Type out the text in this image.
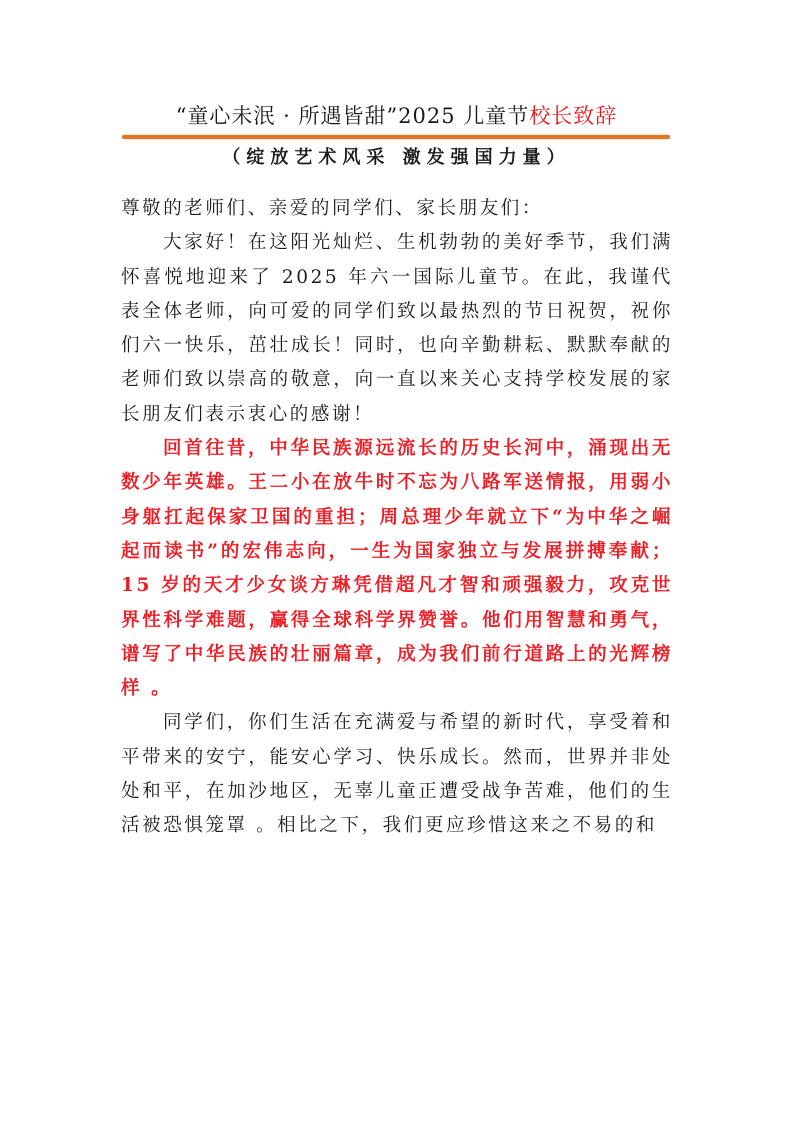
“童心未泯 · 所遇皆甜”2025 儿童节校长致辞
（绽放艺术风采 激发强国力量）

尊敬的老师们、亲爱的同学们、家长朋友们：

大家好！在这阳光灿烂、生机勃勃的美好季节，我们满怀喜悦地迎来了 2025 年六一国际儿童节。在此，我谨代表全体老师，向可爱的同学们致以最热烈的节日祝贺，祝你们六一快乐，茁壮成长！同时，也向辛勤耕耘、默默奉献的老师们致以崇高的敬意，向一直以来关心支持学校发展的家长朋友们表示衷心的感谢！

回首往昔，中华民族源远流长的历史长河中，涌现出无数少年英雄。王二小在放牛时不忘为八路军送情报，用弱小身躯扛起保家卫国的重担；周总理少年就立下“为中华之崛起而读书”的宏伟志向，一生为国家独立与发展拼搏奉献；15 岁的天才少女谈方琳凭借超凡才智和顽强毅力，攻克世界性科学难题，赢得全球科学界赞誉。他们用智慧和勇气，谱写了中华民族的壮丽篇章，成为我们前行道路上的光辉榜样 。

同学们，你们生活在充满爱与希望的新时代，享受着和平带来的安宁，能安心学习、快乐成长。然而，世界并非处处和平，在加沙地区，无辜儿童正遭受战争苦难，他们的生活被恐惧笼罩 。相比之下，我们更应珍惜这来之不易的和
